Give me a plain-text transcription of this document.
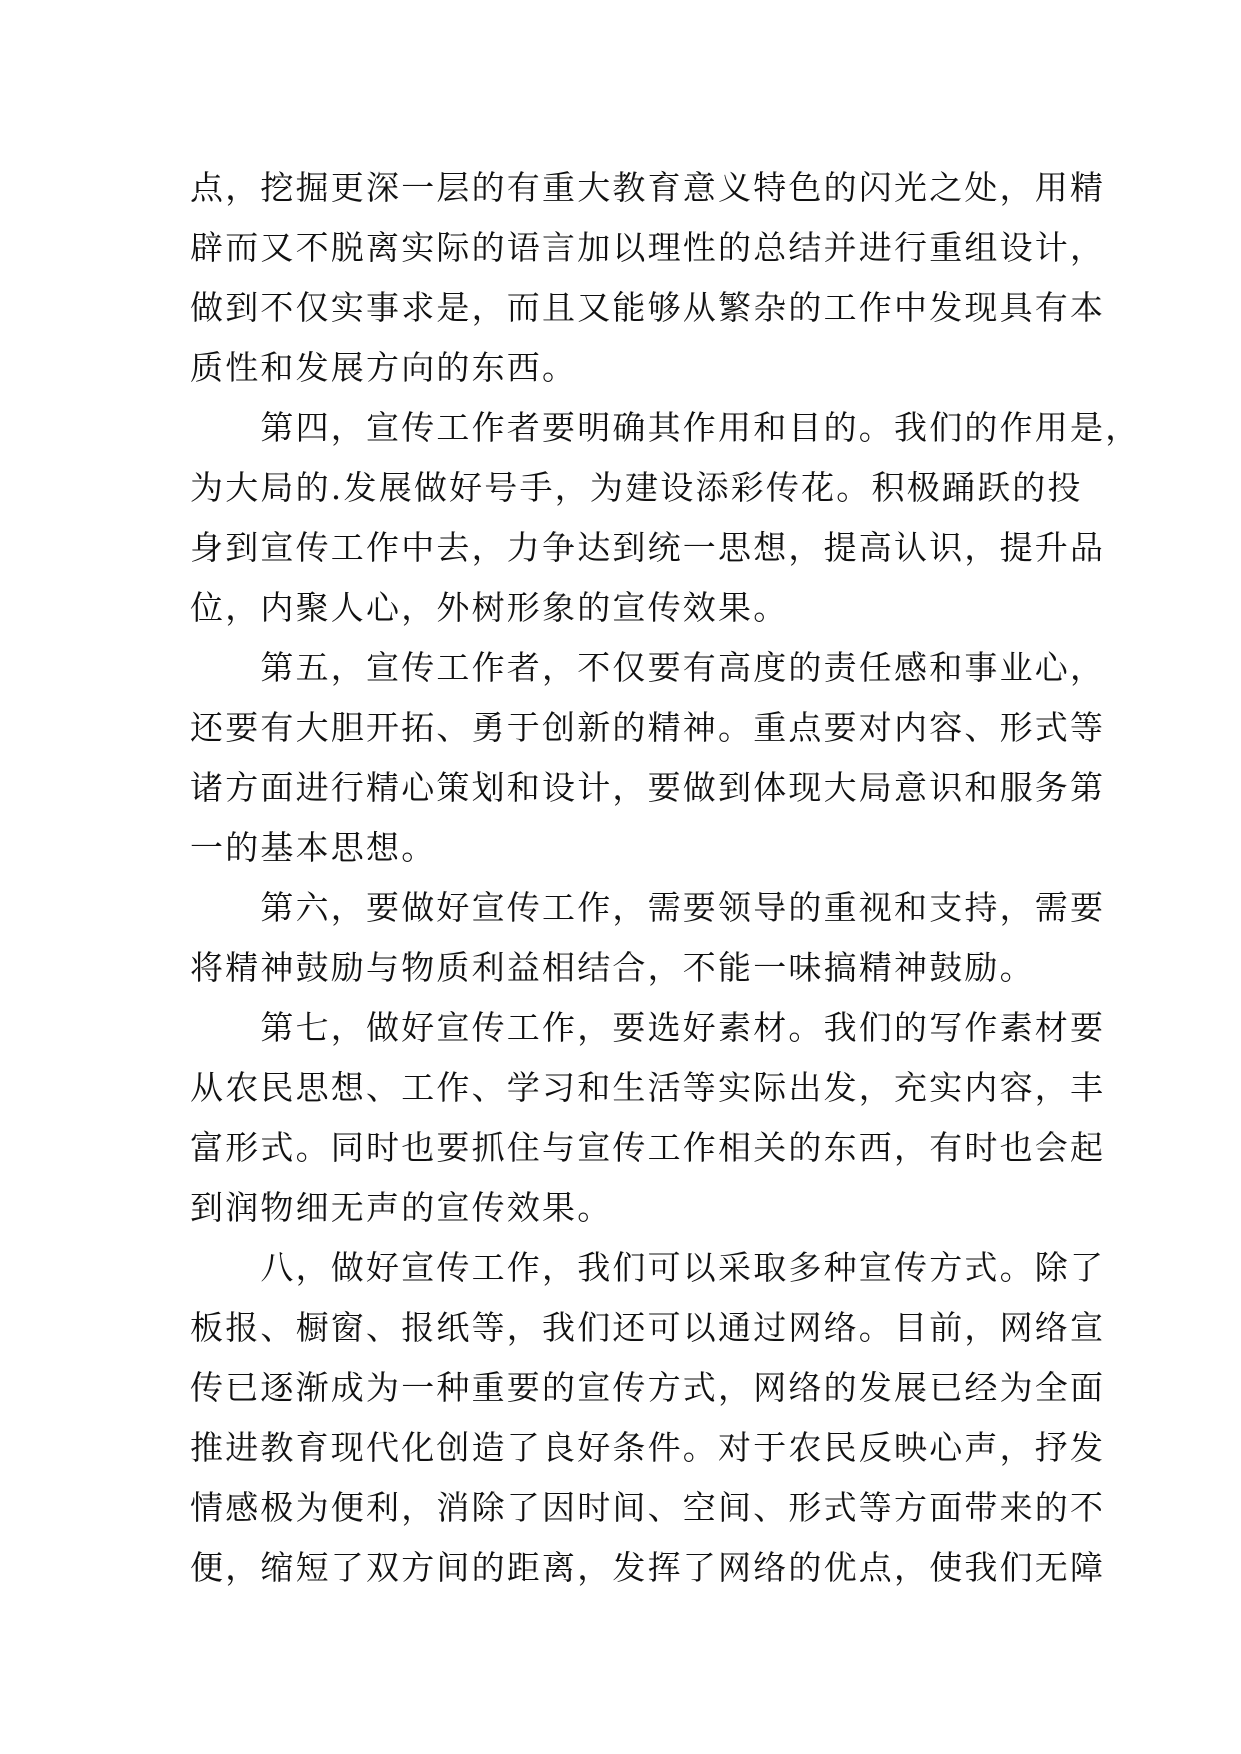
点，挖掘更深一层的有重大教育意义特色的闪光之处，用精

辟而又不脱离实际的语言加以理性的总结并进行重组设计，

做到不仅实事求是，而且又能够从繁杂的工作中发现具有本

质性和发展方向的东西。

　　第四，宣传工作者要明确其作用和目的。我们的作用是，

为大局的.发展做好号手，为建设添彩传花。积极踊跃的投

身到宣传工作中去，力争达到统一思想，提高认识，提升品

位，内聚人心，外树形象的宣传效果。

　　第五，宣传工作者，不仅要有高度的责任感和事业心，

还要有大胆开拓、勇于创新的精神。重点要对内容、形式等

诸方面进行精心策划和设计，要做到体现大局意识和服务第

一的基本思想。

　　第六，要做好宣传工作，需要领导的重视和支持，需要

将精神鼓励与物质利益相结合，不能一味搞精神鼓励。

　　第七，做好宣传工作，要选好素材。我们的写作素材要

从农民思想、工作、学习和生活等实际出发，充实内容，丰

富形式。同时也要抓住与宣传工作相关的东西，有时也会起

到润物细无声的宣传效果。

　　八，做好宣传工作，我们可以采取多种宣传方式。除了

板报、橱窗、报纸等，我们还可以通过网络。目前，网络宣

传已逐渐成为一种重要的宣传方式，网络的发展已经为全面

推进教育现代化创造了良好条件。对于农民反映心声，抒发

情感极为便利，消除了因时间、空间、形式等方面带来的不

便，缩短了双方间的距离，发挥了网络的优点，使我们无障
